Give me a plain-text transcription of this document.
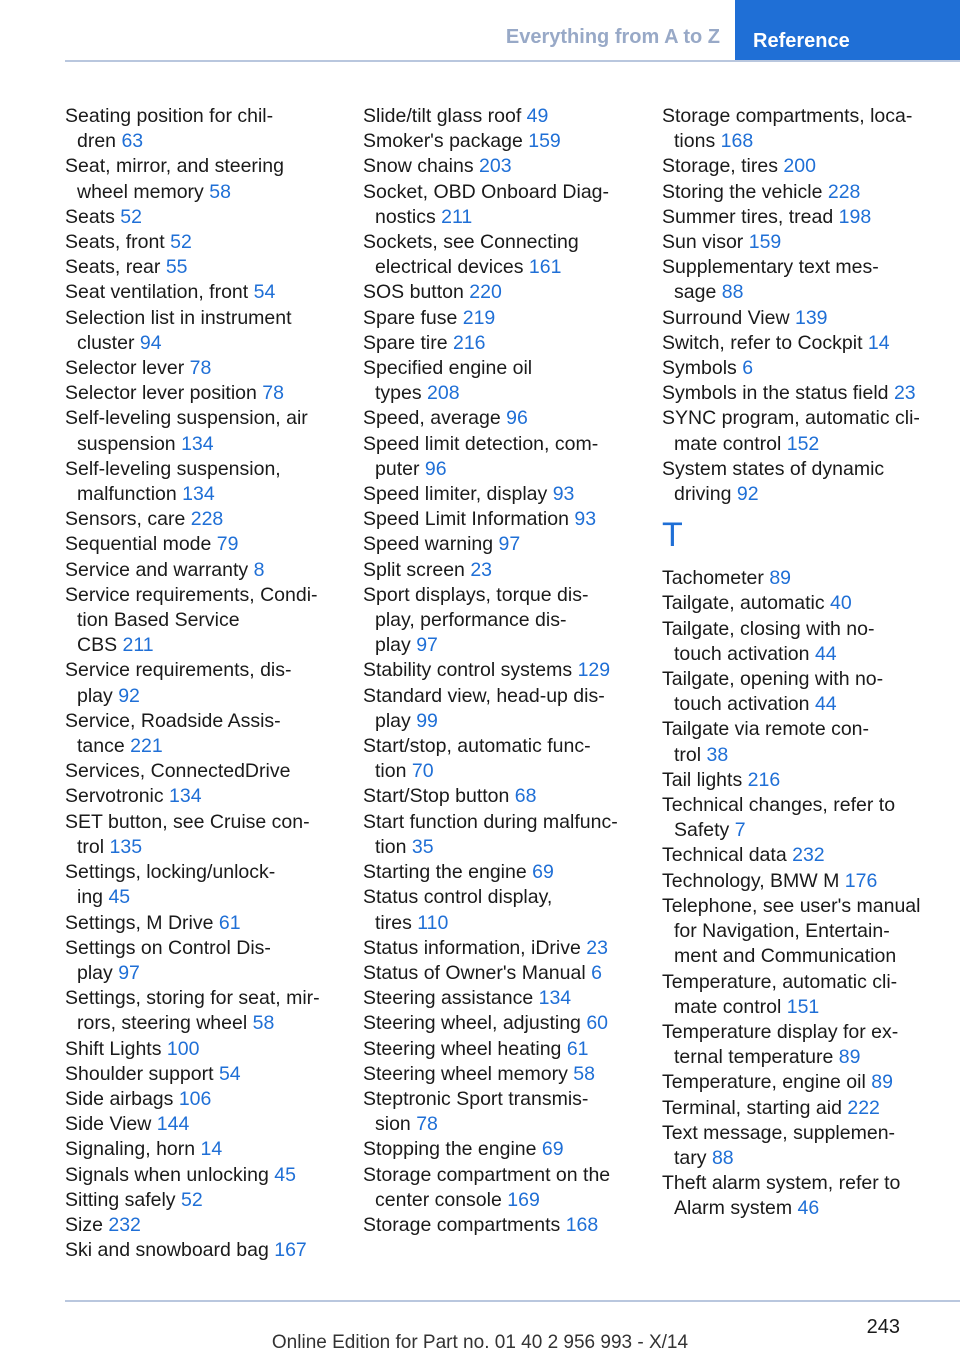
Everything from A to Z Reference
Seating position for chil-
dren 63
Seat, mirror, and steering
wheel memory 58
Seats 52
Seats, front 52
Seats, rear 55
Seat ventilation, front 54
Selection list in instrument
cluster 94
Selector lever 78
Selector lever position 78
Self-leveling suspension, air
suspension 134
Self-leveling suspension,
malfunction 134
Sensors, care 228
Sequential mode 79
Service and warranty 8
Service requirements, Condi-
tion Based Service
CBS 211
Service requirements, dis-
play 92
Service, Roadside Assis-
tance 221
Services, ConnectedDrive
Servotronic 134
SET button, see Cruise con-
trol 135
Settings, locking/unlock-
ing 45
Settings, M Drive 61
Settings on Control Dis-
play 97
Settings, storing for seat, mir-
rors, steering wheel 58
Shift Lights 100
Shoulder support 54
Side airbags 106
Side View 144
Signaling, horn 14
Signals when unlocking 45
Sitting safely 52
Size 232
Ski and snowboard bag 167
Slide/tilt glass roof 49
Smoker's package 159
Snow chains 203
Socket, OBD Onboard Diag-
nostics 211
Sockets, see Connecting
electrical devices 161
SOS button 220
Spare fuse 219
Spare tire 216
Specified engine oil
types 208
Speed, average 96
Speed limit detection, com-
puter 96
Speed limiter, display 93
Speed Limit Information 93
Speed warning 97
Split screen 23
Sport displays, torque dis-
play, performance dis-
play 97
Stability control systems 129
Standard view, head-up dis-
play 99
Start/stop, automatic func-
tion 70
Start/Stop button 68
Start function during malfunc-
tion 35
Starting the engine 69
Status control display,
tires 110
Status information, iDrive 23
Status of Owner's Manual 6
Steering assistance 134
Steering wheel, adjusting 60
Steering wheel heating 61
Steering wheel memory 58
Steptronic Sport transmis-
sion 78
Stopping the engine 69
Storage compartment on the
center console 169
Storage compartments 168
Storage compartments, loca-
tions 168
Storage, tires 200
Storing the vehicle 228
Summer tires, tread 198
Sun visor 159
Supplementary text mes-
sage 88
Surround View 139
Switch, refer to Cockpit 14
Symbols 6
Symbols in the status field 23
SYNC program, automatic cli-
mate control 152
System states of dynamic
driving 92
T
Tachometer 89
Tailgate, automatic 40
Tailgate, closing with no-
touch activation 44
Tailgate, opening with no-
touch activation 44
Tailgate via remote con-
trol 38
Tail lights 216
Technical changes, refer to
Safety 7
Technical data 232
Technology, BMW M 176
Telephone, see user's manual
for Navigation, Entertain-
ment and Communication
Temperature, automatic cli-
mate control 151
Temperature display for ex-
ternal temperature 89
Temperature, engine oil 89
Terminal, starting aid 222
Text message, supplemen-
tary 88
Theft alarm system, refer to
Alarm system 46
243
Online Edition for Part no. 01 40 2 956 993 - X/14
